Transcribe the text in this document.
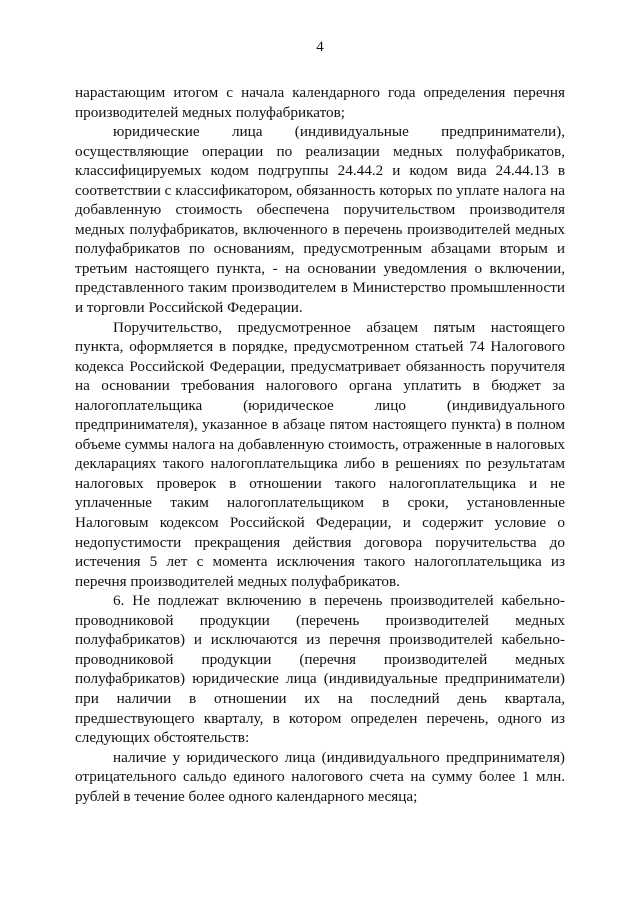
4

нарастающим итогом с начала календарного года определения перечня производителей медных полуфабрикатов;

юридические лица (индивидуальные предприниматели), осуществляющие операции по реализации медных полуфабрикатов, классифицируемых кодом подгруппы 24.44.2 и кодом вида 24.44.13 в соответствии с классификатором, обязанность которых по уплате налога на добавленную стоимость обеспечена поручительством производителя медных полуфабрикатов, включенного в перечень производителей медных полуфабрикатов по основаниям, предусмотренным абзацами вторым и третьим настоящего пункта, - на основании уведомления о включении, представленного таким производителем в Министерство промышленности и торговли Российской Федерации.

Поручительство, предусмотренное абзацем пятым настоящего пункта, оформляется в порядке, предусмотренном статьей 74 Налогового кодекса Российской Федерации, предусматривает обязанность поручителя на основании требования налогового органа уплатить в бюджет за налогоплательщика (юридическое лицо (индивидуального предпринимателя), указанное в абзаце пятом настоящего пункта) в полном объеме суммы налога на добавленную стоимость, отраженные в налоговых декларациях такого налогоплательщика либо в решениях по результатам налоговых проверок в отношении такого налогоплательщика и не уплаченные таким налогоплательщиком в сроки, установленные Налоговым кодексом Российской Федерации, и содержит условие о недопустимости прекращения действия договора поручительства до истечения 5 лет с момента исключения такого налогоплательщика из перечня производителей медных полуфабрикатов.

6. Не подлежат включению в перечень производителей кабельно-проводниковой продукции (перечень производителей медных полуфабрикатов) и исключаются из перечня производителей кабельно-проводниковой продукции (перечня производителей медных полуфабрикатов) юридические лица (индивидуальные предприниматели) при наличии в отношении их на последний день квартала, предшествующего кварталу, в котором определен перечень, одного из следующих обстоятельств:

наличие у юридического лица (индивидуального предпринимателя) отрицательного сальдо единого налогового счета на сумму более 1 млн. рублей в течение более одного календарного месяца;
